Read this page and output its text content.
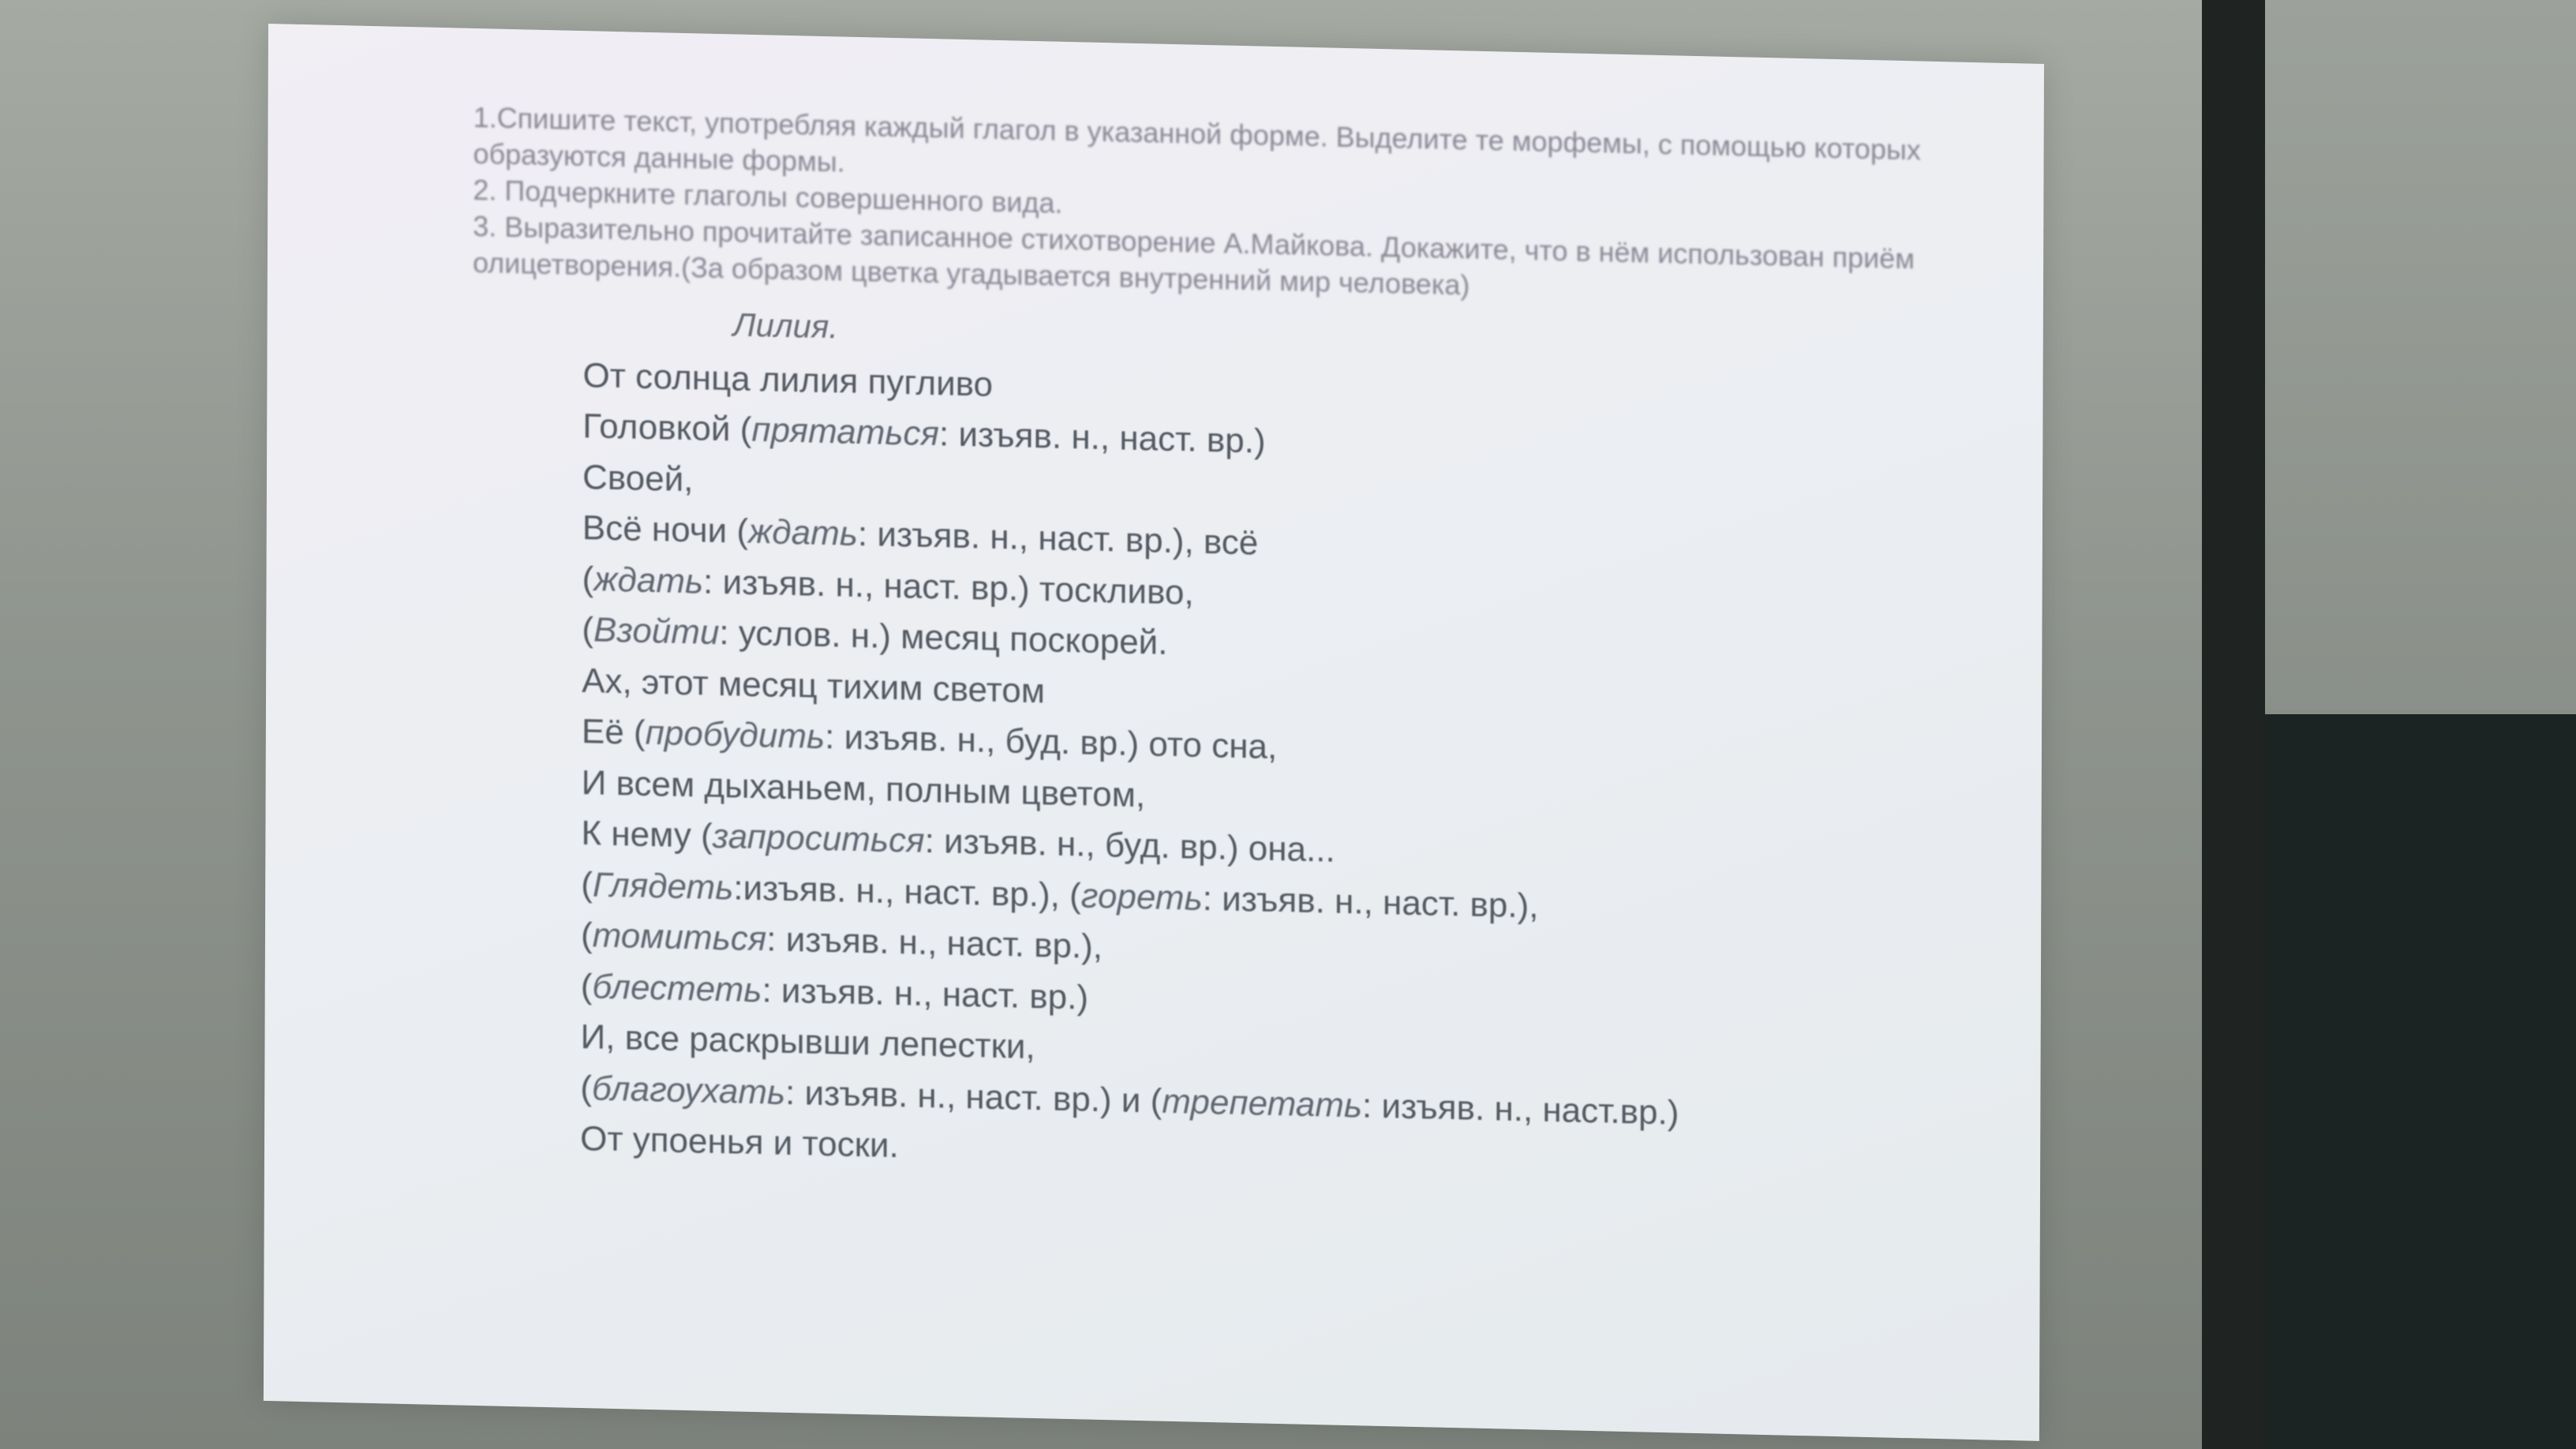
1.Спишите текст, употребляя каждый глагол в указанной форме. Выделите те морфемы, с помощью которых образуются данные формы.

2. Подчеркните глаголы совершенного вида.

3. Выразительно прочитайте записанное стихотворение А.Майкова. Докажите, что в нём использован приём олицетворения.(За образом цветка угадывается внутренний мир человека)

Лилия.

От солнца лилия пугливо

Головкой (прятаться: изъяв. н., наст. вр.)

Своей,

Всё ночи (ждать: изъяв. н., наст. вр.), всё

(ждать: изъяв. н., наст. вр.) тоскливо,

(Взойти: услов. н.) месяц поскорей.

Ах, этот месяц тихим светом

Её (пробудить: изъяв. н., буд. вр.) ото сна,

И всем дыханьем, полным цветом,

К нему (запроситься: изъяв. н., буд. вр.) она...

(Глядеть:изъяв. н., наст. вр.), (гореть: изъяв. н., наст. вр.),

(томиться: изъяв. н., наст. вр.),

(блестеть: изъяв. н., наст. вр.)

И, все раскрывши лепестки,

(благоухать: изъяв. н., наст. вр.) и (трепетать: изъяв. н., наст.вр.)

От упоенья и тоски.
